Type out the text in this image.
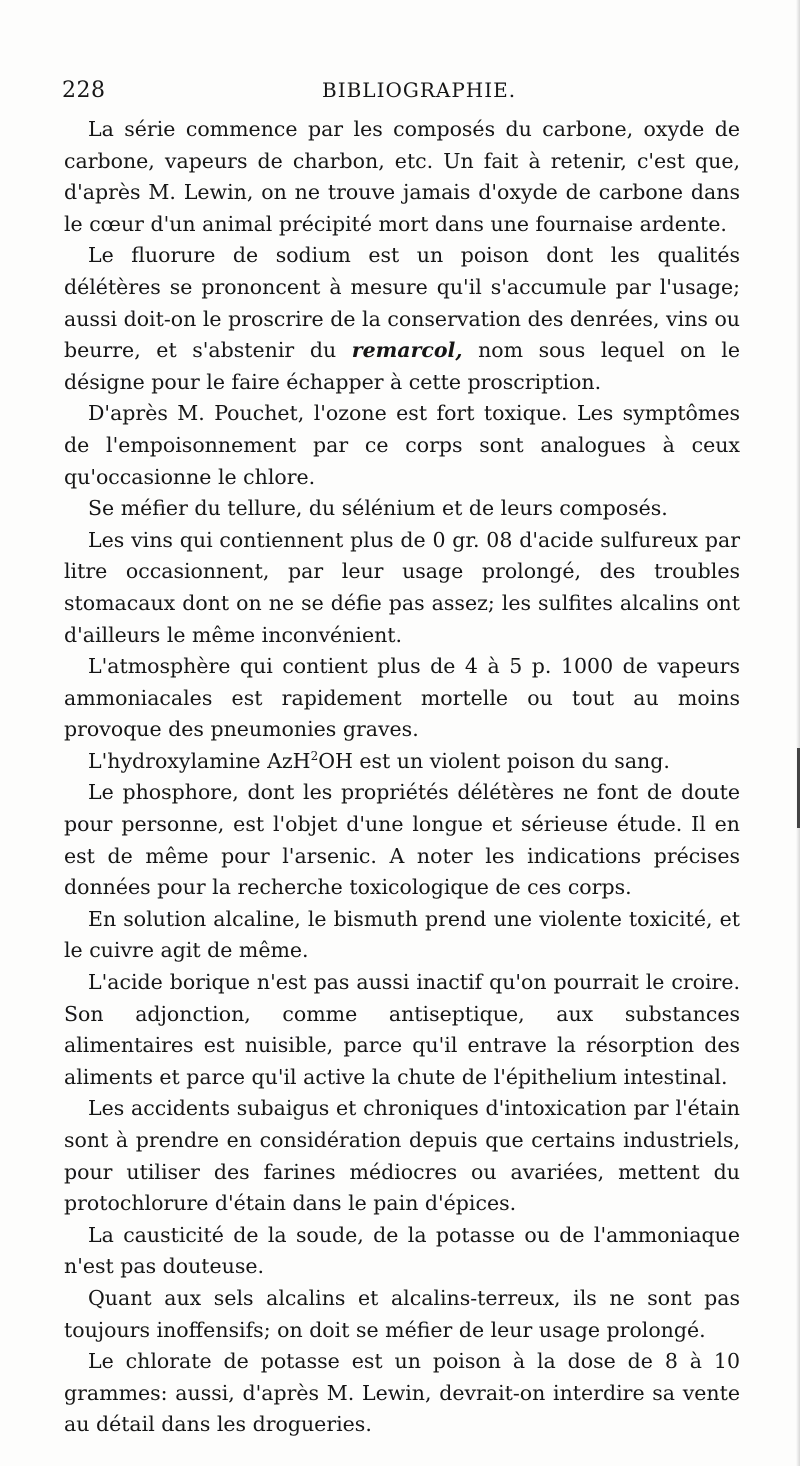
228	BIBLIOGRAPHIE.

La série commence par les composés du carbone, oxyde de carbone, vapeurs de charbon, etc. Un fait à retenir, c'est que, d'après M. Lewin, on ne trouve jamais d'oxyde de carbone dans le cœur d'un animal précipité mort dans une fournaise ardente.

Le fluorure de sodium est un poison dont les qualités délétères se prononcent à mesure qu'il s'accumule par l'usage; aussi doit-on le proscrire de la conservation des denrées, vins ou beurre, et s'abstenir du remarcol, nom sous lequel on le désigne pour le faire échapper à cette proscription.

D'après M. Pouchet, l'ozone est fort toxique. Les symptômes de l'empoisonnement par ce corps sont analogues à ceux qu'occasionne le chlore.

Se méfier du tellure, du sélénium et de leurs composés.

Les vins qui contiennent plus de 0 gr. 08 d'acide sulfureux par litre occasionnent, par leur usage prolongé, des troubles stomacaux dont on ne se défie pas assez; les sulfites alcalins ont d'ailleurs le même inconvénient.

L'atmosphère qui contient plus de 4 à 5 p. 1000 de vapeurs ammoniacales est rapidement mortelle ou tout au moins provoque des pneumonies graves.

L'hydroxylamine AzH$^2$OH est un violent poison du sang.

Le phosphore, dont les propriétés délétères ne font de doute pour personne, est l'objet d'une longue et sérieuse étude. Il en est de même pour l'arsenic. A noter les indications précises données pour la recherche toxicologique de ces corps.

En solution alcaline, le bismuth prend une violente toxicité, et le cuivre agit de même.

L'acide borique n'est pas aussi inactif qu'on pourrait le croire. Son adjonction, comme antiseptique, aux substances alimentaires est nuisible, parce qu'il entrave la résorption des aliments et parce qu'il active la chute de l'épithelium intestinal.

Les accidents subaigus et chroniques d'intoxication par l'étain sont à prendre en considération depuis que certains industriels, pour utiliser des farines médiocres ou avariées, mettent du protochlorure d'étain dans le pain d'épices.

La causticité de la soude, de la potasse ou de l'ammoniaque n'est pas douteuse.

Quant aux sels alcalins et alcalins-terreux, ils ne sont pas toujours inoffensifs; on doit se méfier de leur usage prolongé.

Le chlorate de potasse est un poison à la dose de 8 à 10 grammes: aussi, d'après M. Lewin, devrait-on interdire sa vente au détail dans les drogueries.
